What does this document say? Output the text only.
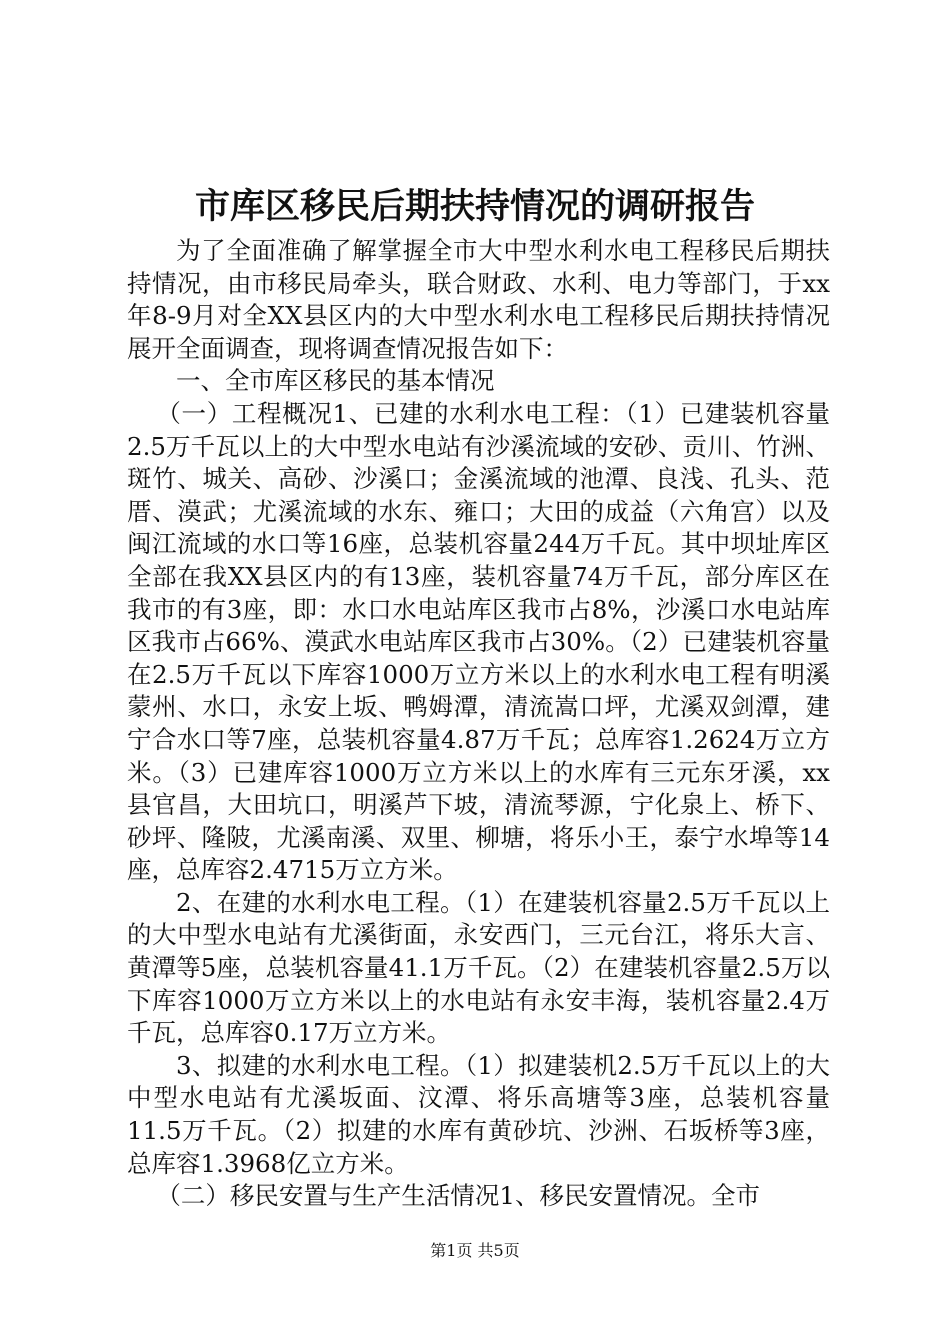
市库区移民后期扶持情况的调研报告

为了全面准确了解掌握全市大中型水利水电工程移民后期扶持情况，由市移民局牵头，联合财政、水利、电力等部门，于xx年8-9月对全XX县区内的大中型水利水电工程移民后期扶持情况展开全面调查，现将调查情况报告如下：

一、全市库区移民的基本情况

（一）工程概况1、已建的水利水电工程：（1）已建装机容量2.5万千瓦以上的大中型水电站有沙溪流域的安砂、贡川、竹洲、斑竹、城关、高砂、沙溪口；金溪流域的池潭、良浅、孔头、范厝、漠武；尤溪流域的水东、雍口；大田的成益（六角宫）以及闽江流域的水口等16座，总装机容量244万千瓦。其中坝址库区全部在我XX县区内的有13座，装机容量74万千瓦，部分库区在我市的有3座，即：水口水电站库区我市占8%，沙溪口水电站库区我市占66%、漠武水电站库区我市占30%。（2）已建装机容量在2.5万千瓦以下库容1000万立方米以上的水利水电工程有明溪蒙州、水口，永安上坂、鸭姆潭，清流嵩口坪，尤溪双剑潭，建宁合水口等7座，总装机容量4.87万千瓦；总库容1.2624万立方米。（3）已建库容1000万立方米以上的水库有三元东牙溪，xx县官昌，大田坑口，明溪芦下坡，清流琴源，宁化泉上、桥下、砂坪、隆陂，尤溪南溪、双里、柳塘，将乐小王，泰宁水埠等14座，总库容2.4715万立方米。

2、在建的水利水电工程。（1）在建装机容量2.5万千瓦以上的大中型水电站有尤溪街面，永安西门，三元台江，将乐大言、黄潭等5座，总装机容量41.1万千瓦。（2）在建装机容量2.5万以下库容1000万立方米以上的水电站有永安丰海，装机容量2.4万千瓦，总库容0.17万立方米。

3、拟建的水利水电工程。（1）拟建装机2.5万千瓦以上的大中型水电站有尤溪坂面、汶潭、将乐高塘等3座，总装机容量11.5万千瓦。（2）拟建的水库有黄砂坑、沙洲、石坂桥等3座，总库容1.3968亿立方米。

（二）移民安置与生产生活情况1、移民安置情况。全市

第1页 共5页
